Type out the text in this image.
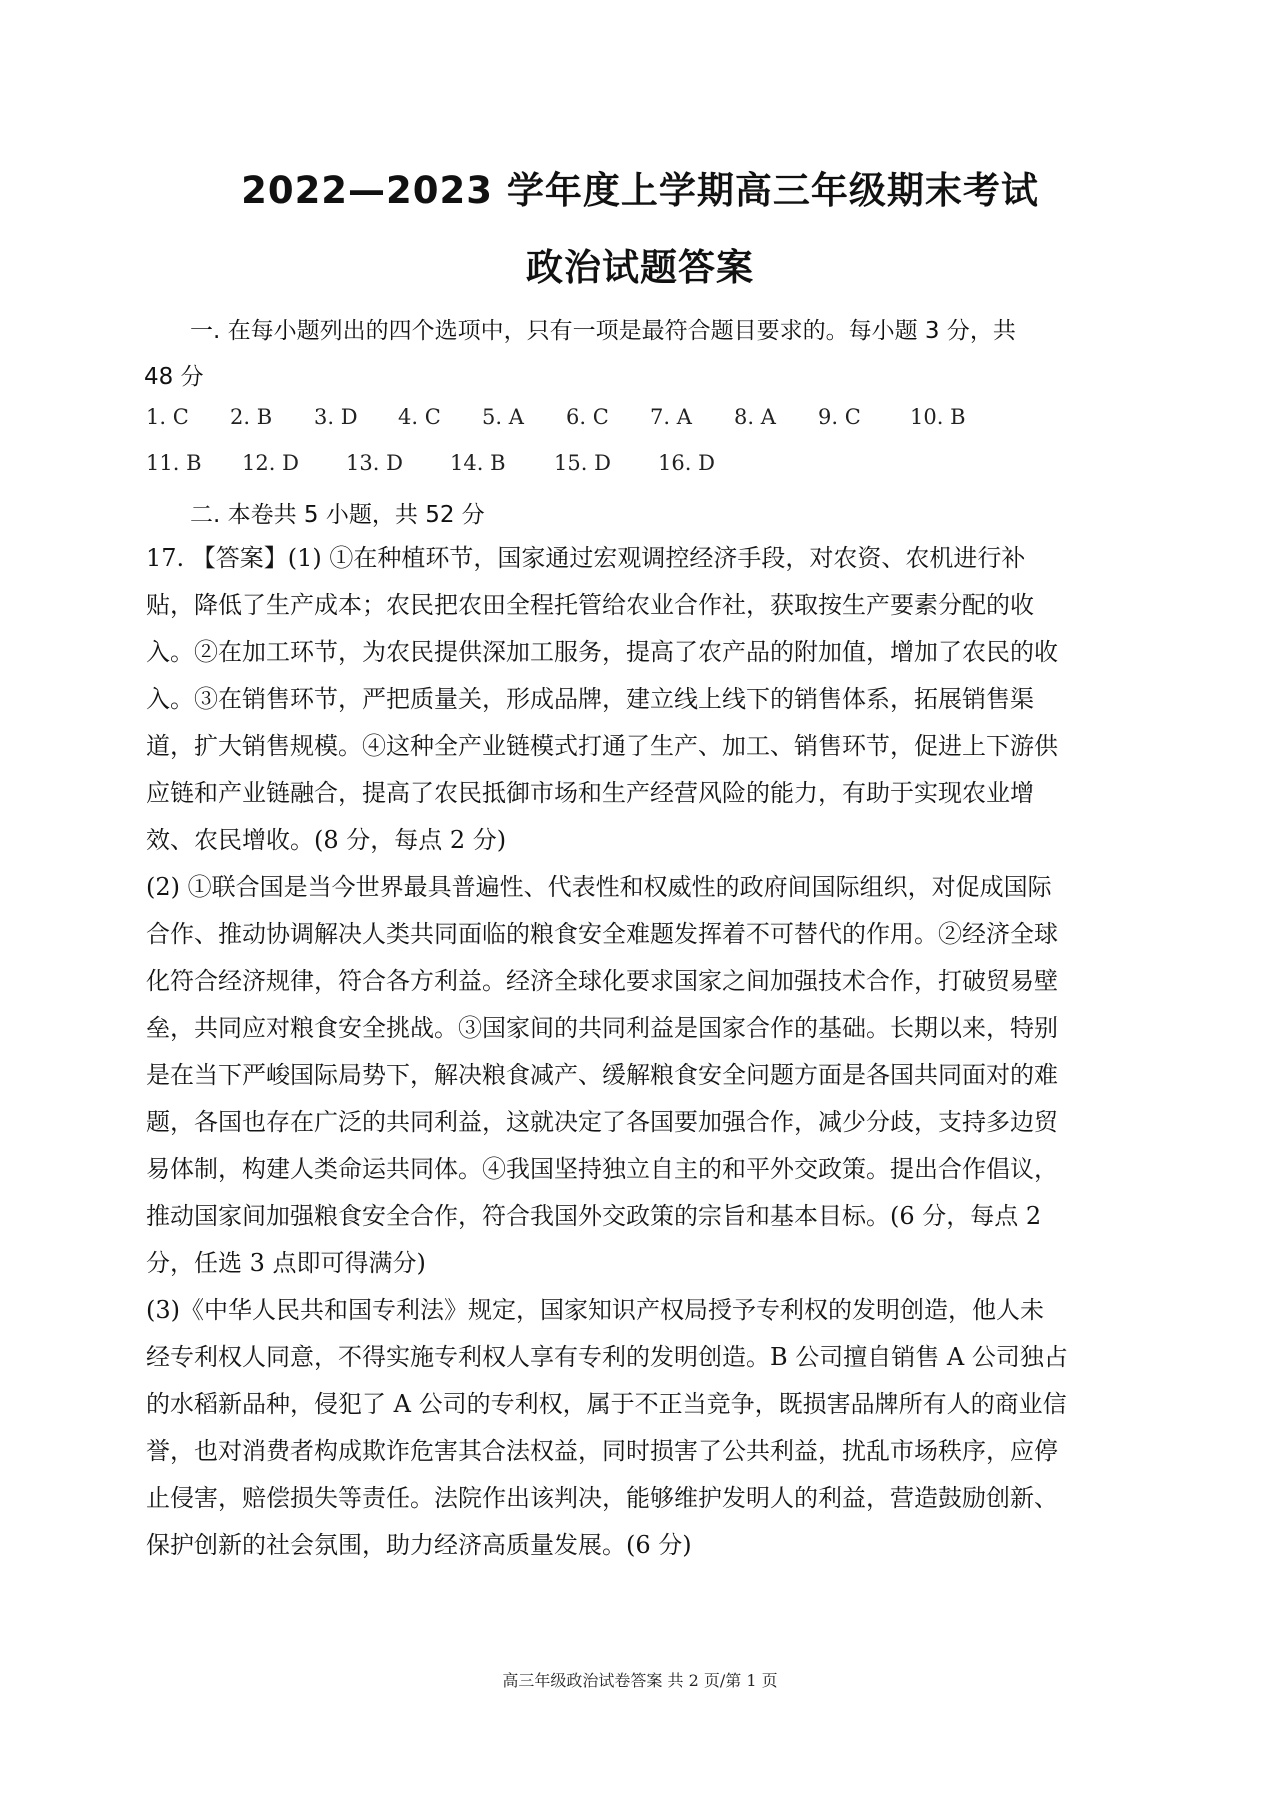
2022—2023 学年度上学期高三年级期末考试
政治试题答案
一. 在每小题列出的四个选项中，只有一项是最符合题目要求的。每小题 3 分，共
48 分
1. C 2. B 3. D 4. C 5. A 6. C 7. A 8. A 9. C 10. B
11. B 12. D 13. D 14. B 15. D 16. D
二. 本卷共 5 小题，共 52 分
17. 【答案】(1) ①在种植环节，国家通过宏观调控经济手段，对农资、农机进行补
贴，降低了生产成本；农民把农田全程托管给农业合作社，获取按生产要素分配的收
入。②在加工环节，为农民提供深加工服务，提高了农产品的附加值，增加了农民的收
入。③在销售环节，严把质量关，形成品牌，建立线上线下的销售体系，拓展销售渠
道，扩大销售规模。④这种全产业链模式打通了生产、加工、销售环节，促进上下游供
应链和产业链融合，提高了农民抵御市场和生产经营风险的能力，有助于实现农业增
效、农民增收。(8 分，每点 2 分)
(2) ①联合国是当今世界最具普遍性、代表性和权威性的政府间国际组织，对促成国际
合作、推动协调解决人类共同面临的粮食安全难题发挥着不可替代的作用。②经济全球
化符合经济规律，符合各方利益。经济全球化要求国家之间加强技术合作，打破贸易壁
垒，共同应对粮食安全挑战。③国家间的共同利益是国家合作的基础。长期以来，特别
是在当下严峻国际局势下，解决粮食减产、缓解粮食安全问题方面是各国共同面对的难
题，各国也存在广泛的共同利益，这就决定了各国要加强合作，减少分歧，支持多边贸
易体制，构建人类命运共同体。④我国坚持独立自主的和平外交政策。提出合作倡议，
推动国家间加强粮食安全合作，符合我国外交政策的宗旨和基本目标。(6 分，每点 2
分，任选 3 点即可得满分)
(3)《中华人民共和国专利法》规定，国家知识产权局授予专利权的发明创造，他人未
经专利权人同意，不得实施专利权人享有专利的发明创造。B 公司擅自销售 A 公司独占
的水稻新品种，侵犯了 A 公司的专利权，属于不正当竞争，既损害品牌所有人的商业信
誉，也对消费者构成欺诈危害其合法权益，同时损害了公共利益，扰乱市场秩序，应停
止侵害，赔偿损失等责任。法院作出该判决，能够维护发明人的利益，营造鼓励创新、
保护创新的社会氛围，助力经济高质量发展。(6 分)
高三年级政治试卷答案 共 2 页/第 1 页
